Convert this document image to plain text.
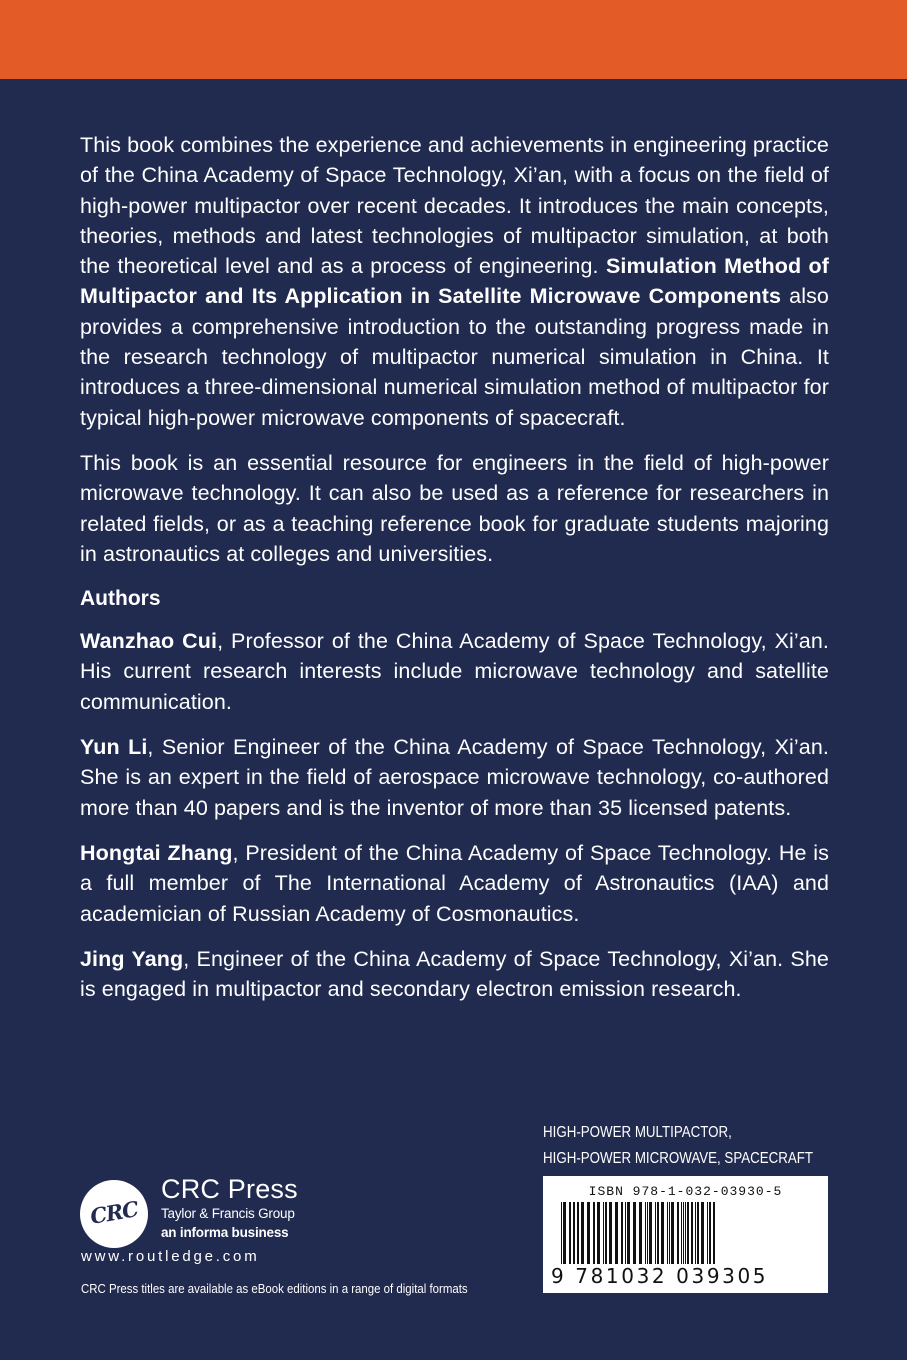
This book combines the experience and achievements in engineering practice of the China Academy of Space Technology, Xi’an, with a focus on the field of high-power multipactor over recent decades. It introduces the main concepts, theories, methods and latest technologies of multipactor simulation, at both the theoretical level and as a process of engineering. Simulation Method of Multipactor and Its Application in Satellite Microwave Components also provides a comprehensive introduction to the outstanding progress made in the research technology of multipactor numerical simulation in China. It introduces a three-dimensional numerical simulation method of multipactor for typical high-power microwave components of spacecraft.

This book is an essential resource for engineers in the field of high-power microwave technology. It can also be used as a reference for researchers in related fields, or as a teaching reference book for graduate students majoring in astronautics at colleges and universities.

Authors

Wanzhao Cui, Professor of the China Academy of Space Technology, Xi’an. His current research interests include microwave technology and satellite communication.

Yun Li, Senior Engineer of the China Academy of Space Technology, Xi’an. She is an expert in the field of aerospace microwave technology, co-authored more than 40 papers and is the inventor of more than 35 licensed patents.

Hongtai Zhang, President of the China Academy of Space Technology. He is a full member of The International Academy of Astronautics (IAA) and academician of Russian Academy of Cosmonautics.

Jing Yang, Engineer of the China Academy of Space Technology, Xi’an. She is engaged in multipactor and secondary electron emission research.

HIGH-POWER MULTIPACTOR,
HIGH-POWER MICROWAVE, SPACECRAFT
ISBN 978-1-032-03930-5
9 781032 039305
CRC
CRC Press
Taylor & Francis Group
an informa business
www.routledge.com
CRC Press titles are available as eBook editions in a range of digital formats
